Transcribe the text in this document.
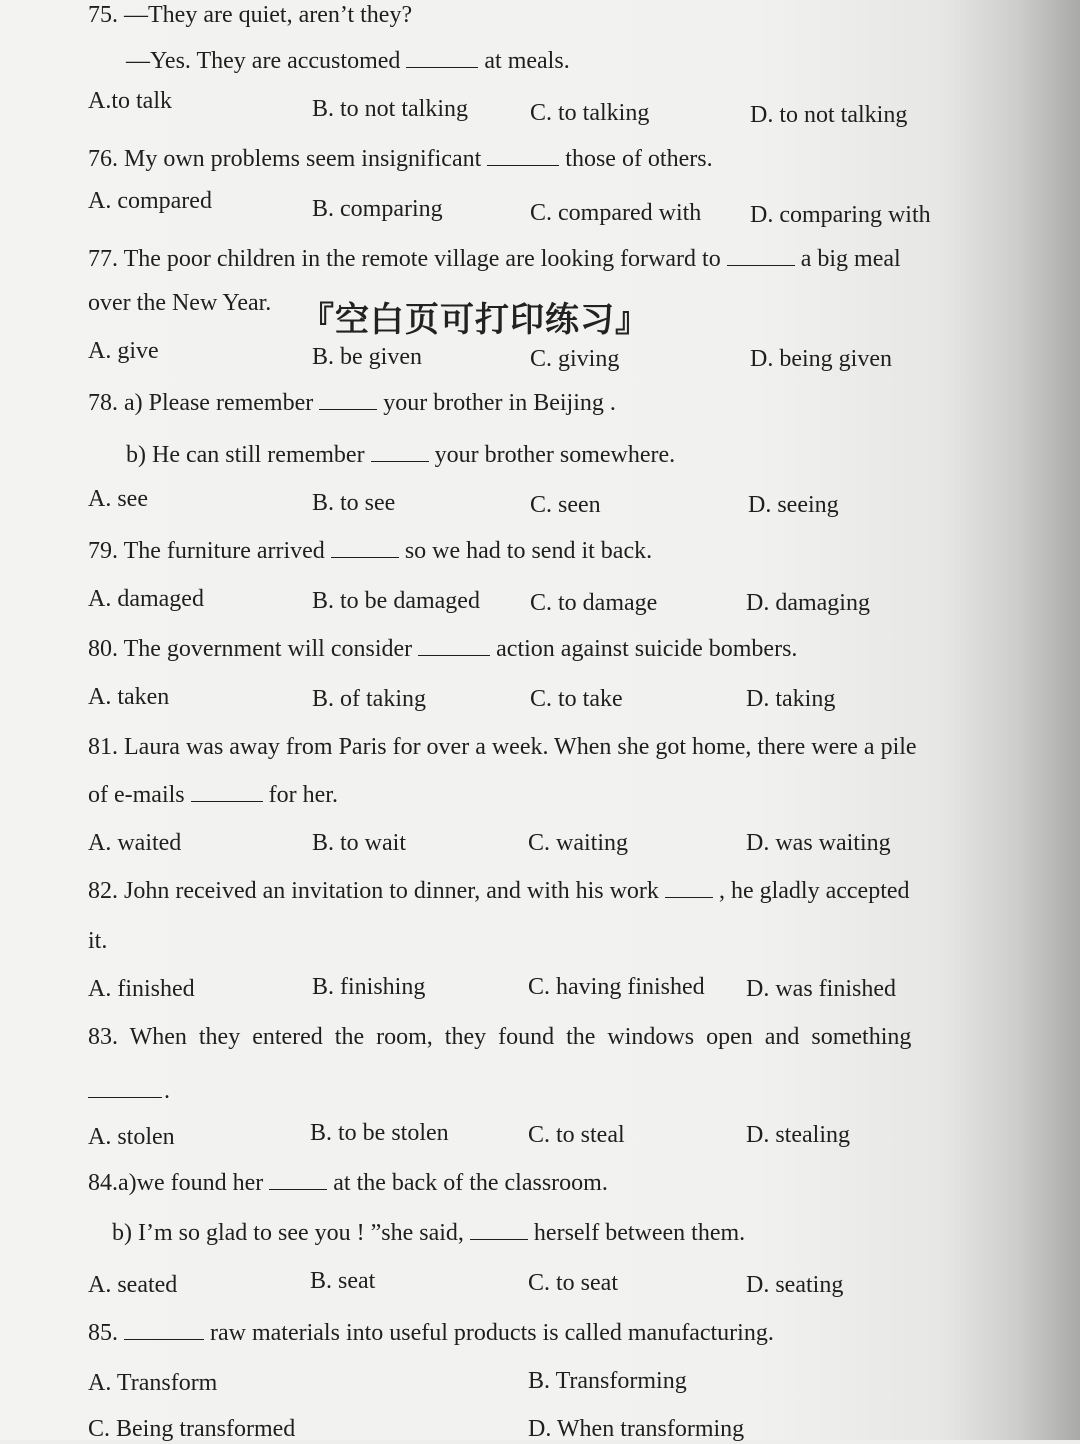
75. —They are quiet, aren’t they?
—Yes. They are accustomed	at meals.
A.to talk	B. to not talking	C. to talking	D. to not talking
76. My own problems seem insignificant	those of others.
A. compared	B. comparing	C. compared with D. comparing with
77. The poor children in the remote village are looking forward to	a big meal
over the New Year. 『空白页可打印练习』
A. give	B. be given	C. giving	D. being given
78. a) Please remember	your brother in Beijing .
b) He can still remember	your brother somewhere.
A. see	B. to see	C. seen	D. seeing
79. The furniture arrived	so we had to send it back.
A. damaged	B. to be damaged C. to damage	D. damaging
80. The government will consider	action against suicide bombers.
A. taken	B. of taking	C. to take	D. taking
81. Laura was away from Paris for over a week. When she got home, there were a pile
of e-mails	for her.
A. waited	B. to wait	C. waiting	D. was waiting
82. John received an invitation to dinner, and with his work	, he gladly accepted
it.
A. finished	B. finishing	C. having finished D. was finished
83. When they entered the room, they found the windows open and something
.
A. stolen	B. to be stolen	C. to steal	D. stealing
84.a)we found her	at the back of the classroom.
b) I’m so glad to see you ! ”she said,	herself between them.
A. seated	B. seat	C. to seat	D. seating
85.	raw materials into useful products is called manufacturing.
A. Transform	B. Transforming
C. Being transformed	D. When transforming
